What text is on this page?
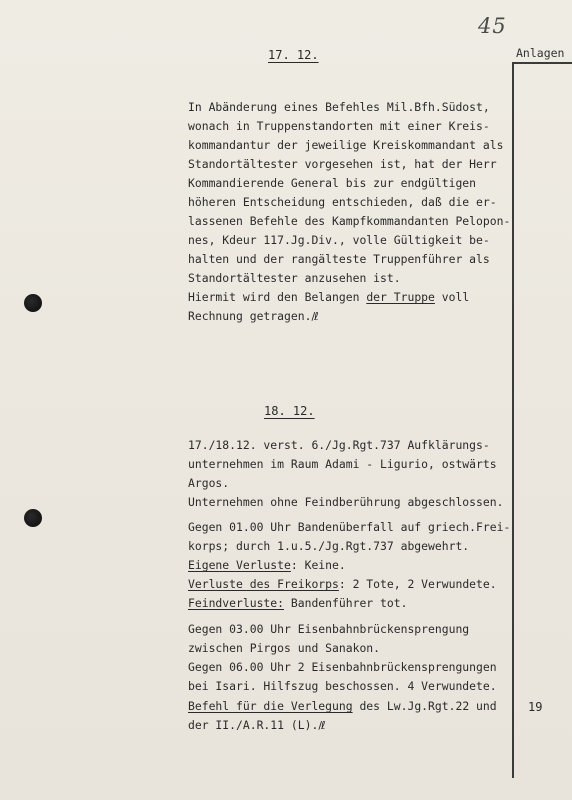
45
Anlagen
17. 12.
In Abänderung eines Befehles Mil.Bfh.Südost,
wonach in Truppenstandorten mit einer Kreis-
kommandantur der jeweilige Kreiskommandant als
Standortältester vorgesehen ist, hat der Herr
Kommandierende General bis zur endgültigen
höheren Entscheidung entschieden, daß die er-
lassenen Befehle des Kampfkommandanten Pelopon-
nes, Kdeur 117.Jg.Div., volle Gültigkeit be-
halten und der rangälteste Truppenführer als
Standortältester anzusehen ist.
Hiermit wird den Belangen der Truppe voll
Rechnung getragen./ℓ
18. 12.
17./18.12. verst. 6./Jg.Rgt.737 Aufklärungs-
unternehmen im Raum Adami - Ligurio, ostwärts
Argos.
Unternehmen ohne Feindberührung abgeschlossen.
Gegen 01.00 Uhr Bandenüberfall auf griech.Frei-
korps; durch 1.u.5./Jg.Rgt.737 abgewehrt.
Eigene Verluste: Keine.
Verluste des Freikorps: 2 Tote, 2 Verwundete.
Feindverluste: Bandenführer tot.
Gegen 03.00 Uhr Eisenbahnbrückensprengung
zwischen Pirgos und Sanakon.
Gegen 06.00 Uhr 2 Eisenbahnbrückensprengungen
bei Isari. Hilfszug beschossen. 4 Verwundete.
Befehl für die Verlegung des Lw.Jg.Rgt.22 und
der II./A.R.11 (L)./ℓ
19
